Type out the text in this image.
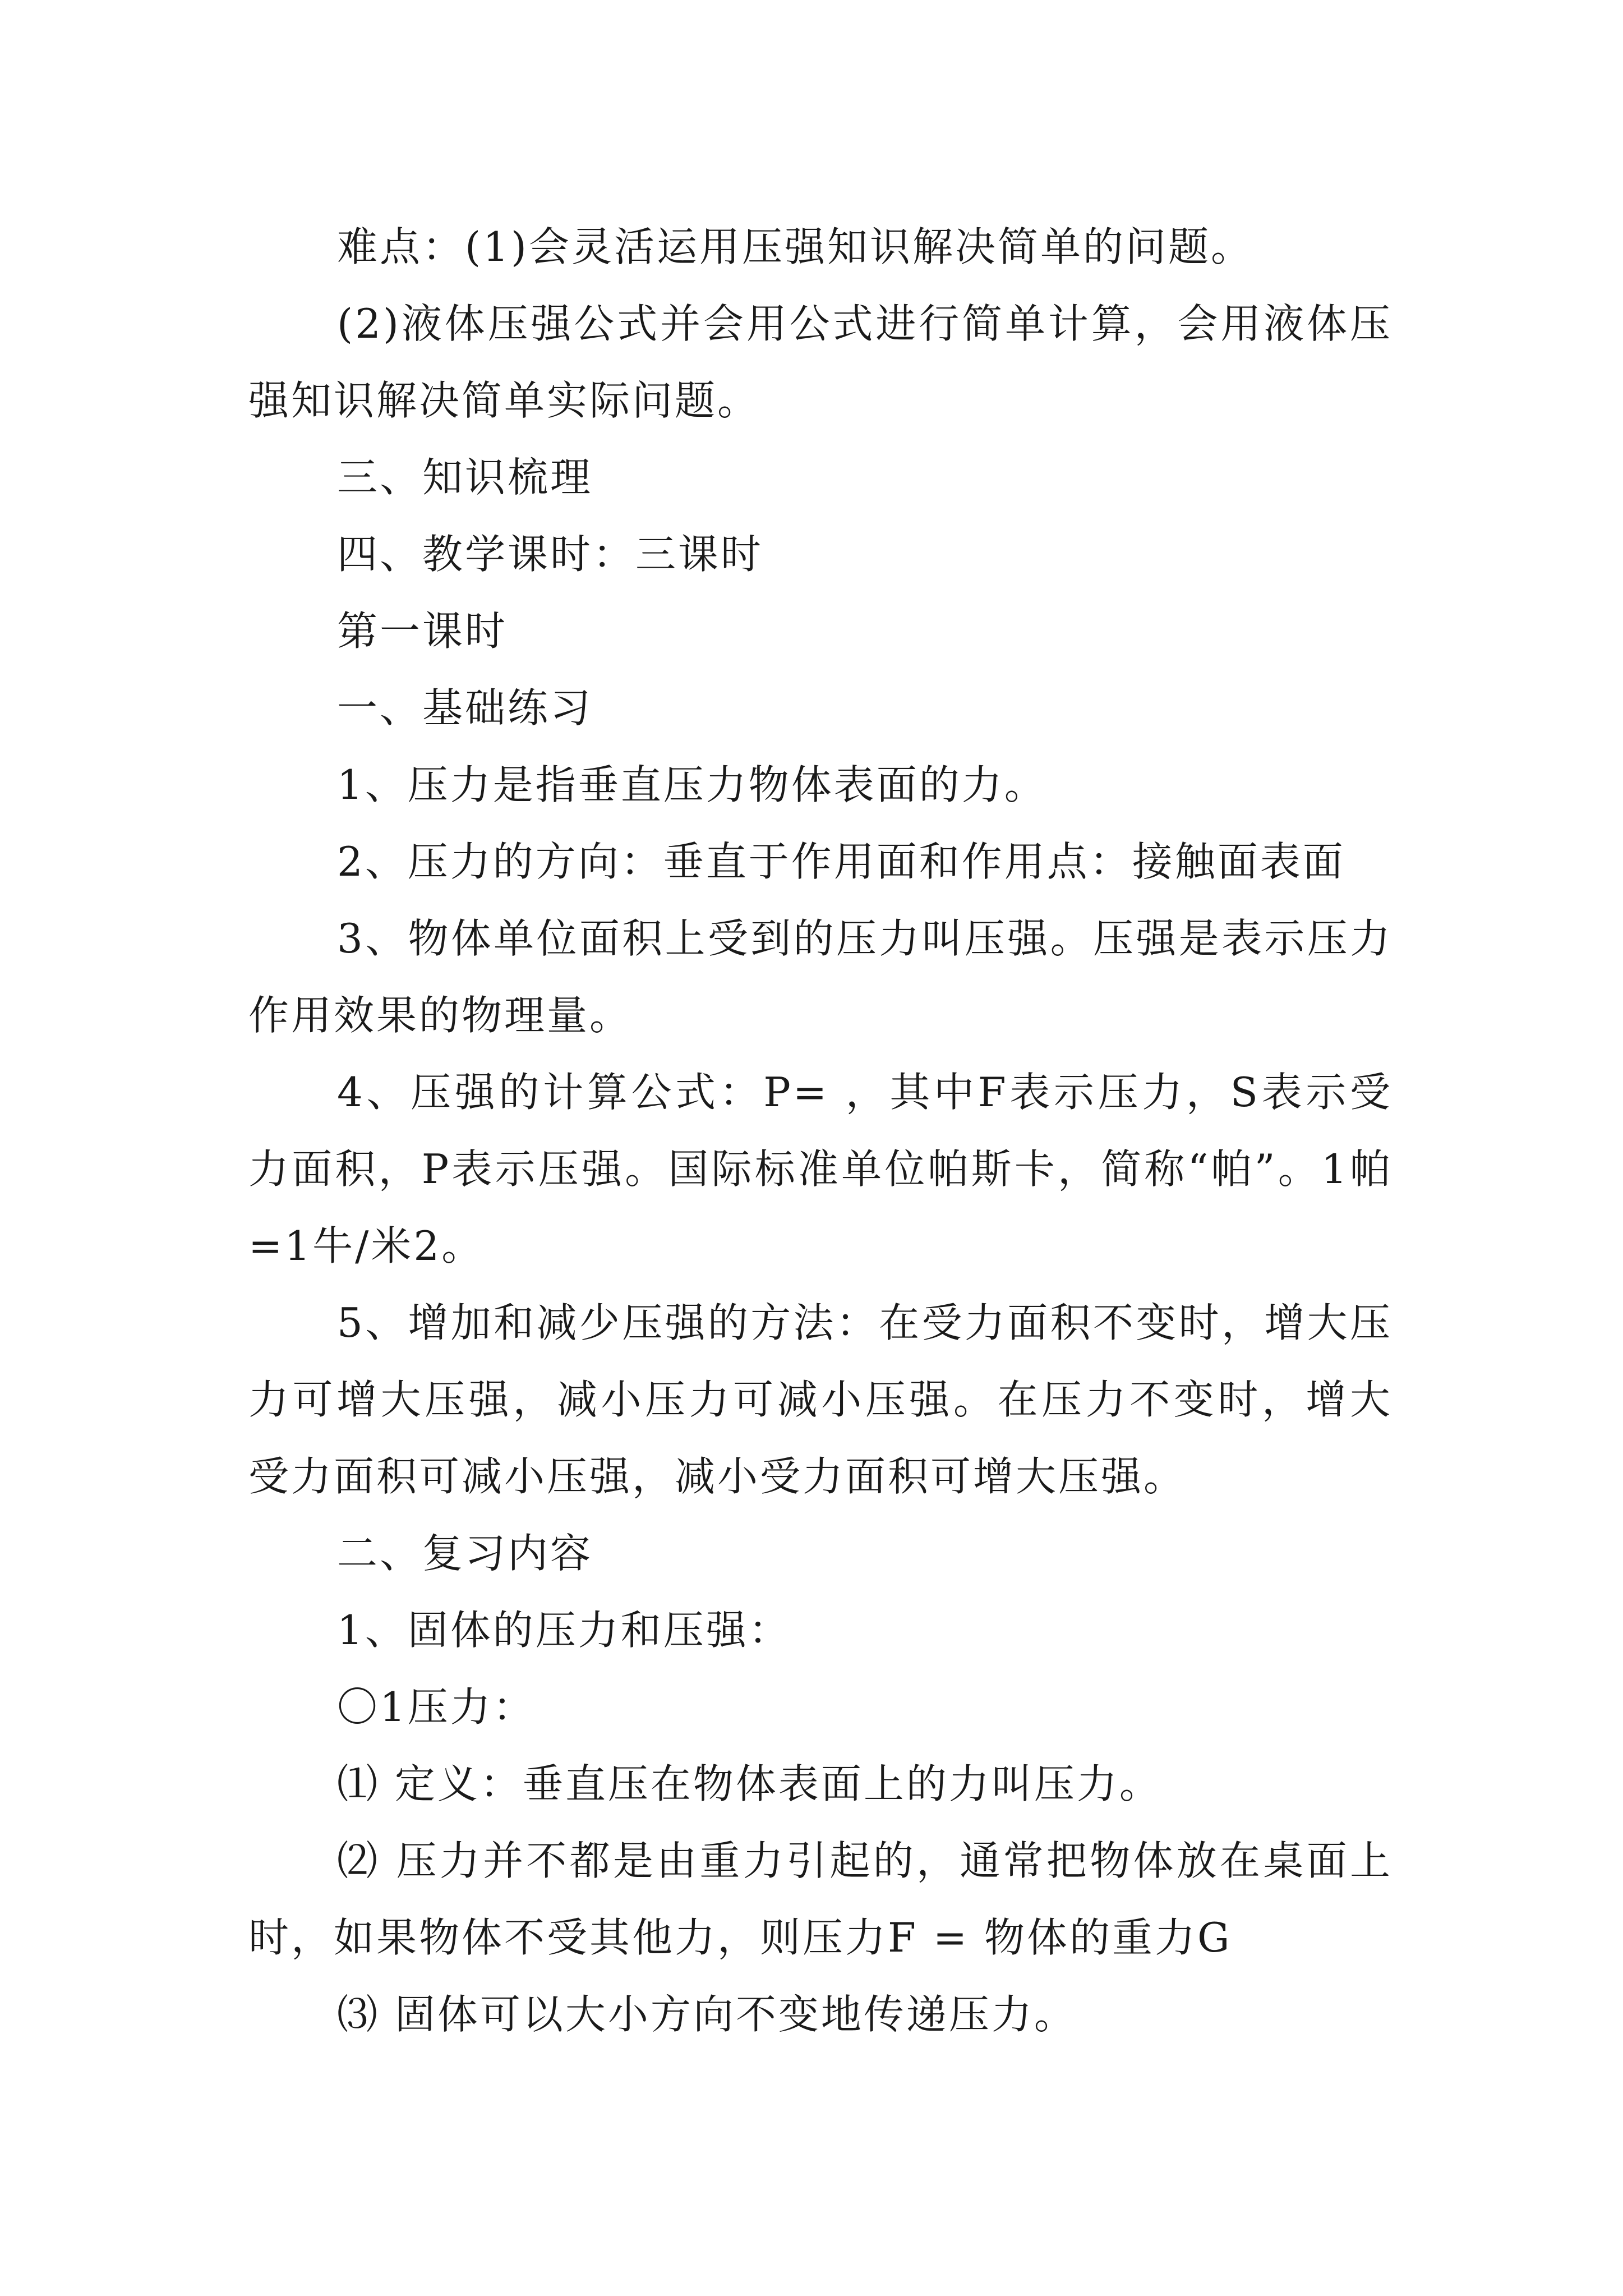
难点：(1)会灵活运用压强知识解决简单的问题。

(2)液体压强公式并会用公式进行简单计算，会用液体压强知识解决简单实际问题。

三、知识梳理

四、教学课时：三课时

第一课时

一、基础练习

1、压力是指垂直压力物体表面的力。

2、压力的方向：垂直于作用面和作用点：接触面表面

3、物体单位面积上受到的压力叫压强。压强是表示压力作用效果的物理量。

4、压强的计算公式：P= ，其中F表示压力，S表示受力面积，P表示压强。国际标准单位帕斯卡，简称“帕”。1帕=1牛/米2。

5、增加和减少压强的方法：在受力面积不变时，增大压力可增大压强，减小压力可减小压强。在压力不变时，增大受力面积可减小压强，减小受力面积可增大压强。

二、复习内容

1、固体的压力和压强：

〇1压力：

⑴ 定义：垂直压在物体表面上的力叫压力。

⑵ 压力并不都是由重力引起的，通常把物体放在桌面上时，如果物体不受其他力，则压力F = 物体的重力G

⑶ 固体可以大小方向不变地传递压力。
